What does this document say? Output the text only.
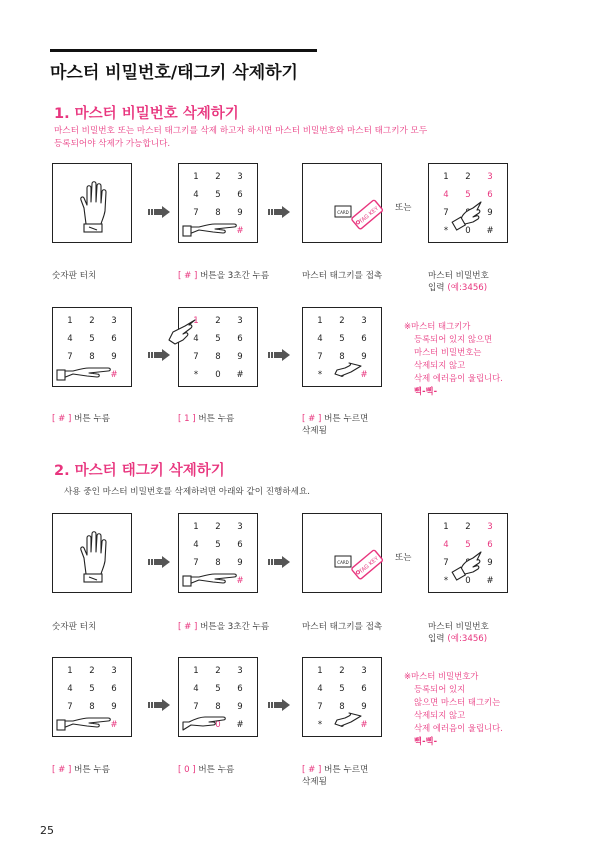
마스터 비밀번호/태그키 삭제하기
1. 마스터 비밀번호 삭제하기
마스터 비밀번호 또는 마스터 태그키를 삭제 하고자 하시면 마스터 비밀번호와 마스터 태그키가 모두
등록되어야 삭제가 가능합니다.
1 2 3
4 5 6
7 8 9
#
CARD TAG KEY 또는
1 2 3
4 5 6
7	9
* 0 #
숫자판 터치	[ # ] 버튼을 3초간 누름	마스터 태그키를 접촉	마스터 비밀번호
입력 (예:3456)
1 2 3
4 5 6
7 8 9
#
1 2 3
4 5 6
7 8 9
* 0 #
1 2 3
4 5 6
7 8 9
*	#
※마스터 태그키가
등록되어 있지 않으면
마스터 비밀번호는
삭제되지 않고
삭제 에러음이 울립니다.
삑-삑-
[ # ] 버튼 누름	[ 1 ] 버튼 누름	[ # ] 버튼 누르면
삭제됨
2. 마스터 태그키 삭제하기
사용 중인 마스터 비밀번호를 삭제하려면 아래와 같이 진행하세요.
1 2 3
4 5 6
7 8 9
#
CARD TAG KEY 또는
1 2 3
4 5 6
7	9
* 0 #
숫자판 터치	[ # ] 버튼을 3초간 누름	마스터 태그키를 접촉	마스터 비밀번호
입력 (예:3456)
1 2 3
4 5 6
7 8 9
#
1 2 3
4 5 6
7 8 9
0 #
1 2 3
4 5 6
7 8 9
*	#
※마스터 비밀번호가
등록되어 있지
않으면 마스터 태그키는
삭제되지 않고
삭제 에러음이 울립니다.
삑-삑-
[ # ] 버튼 누름	[ 0 ] 버튼 누름	[ # ] 버튼 누르면
삭제됨
25
